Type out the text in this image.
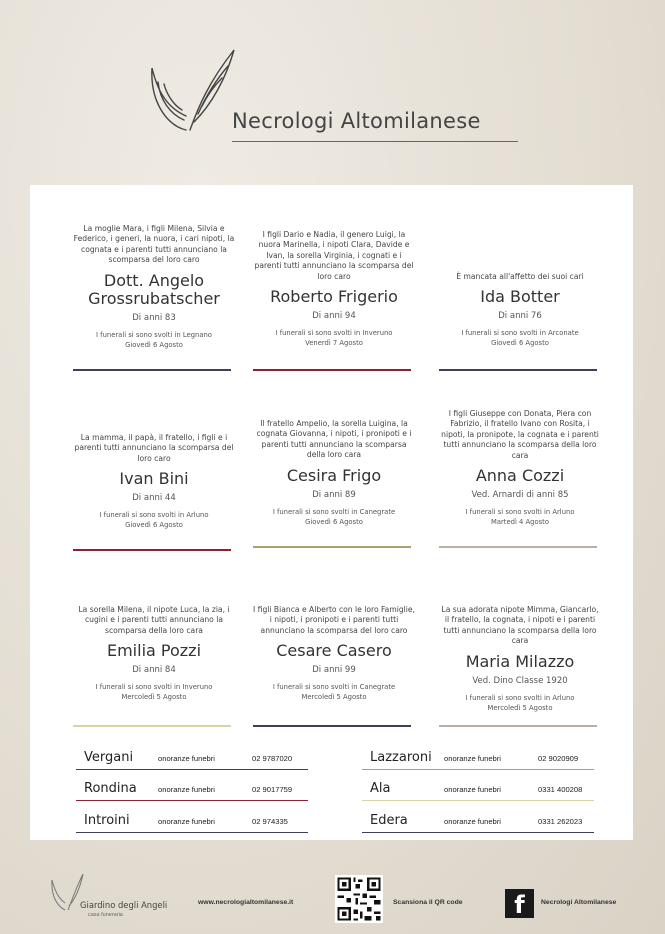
Necrologi Altomilanese
La moglie Mara, i figli Milena, Silvia e Federico, i generi, la nuora, i cari nipoti, la cognata e i parenti tutti annunciano la scomparsa del loro caro
Dott. Angelo Grossrubatscher
Di anni 83
I funerali si sono svolti in Legnano
Giovedì 6 Agosto
I figli Dario e Nadia, il genero Luigi, la nuora Marinella, i nipoti Clara, Davide e Ivan, la sorella Virginia, i cognati e i parenti tutti annunciano la scomparsa del loro caro
Roberto Frigerio
Di anni 94
I funerali si sono svolti in Inveruno
Venerdì 7 Agosto
È mancata all'affetto dei suoi cari
Ida Botter
Di anni 76
I funerali si sono svolti in Arconate
Giovedì 6 Agosto
La mamma, il papà, il fratello, i figli e i parenti tutti annunciano la scomparsa del loro caro
Ivan Bini
Di anni 44
I funerali si sono svolti in Arluno
Giovedì 6 Agosto
Il fratello Ampelio, la sorella Luigina, la cognata Giovanna, i nipoti, i pronipoti e i parenti tutti annunciano la scomparsa della loro cara
Cesira Frigo
Di anni 89
I funerali si sono svolti in Canegrate
Giovedì 6 Agosto
I figli Giuseppe con Donata, Piera con Fabrizio, il fratello Ivano con Rosita, i nipoti, la pronipote, la cognata e i parenti tutti annunciano la scomparsa della loro cara
Anna Cozzi
Ved. Arnardi di anni 85
I funerali si sono svolti in Arluno
Martedì 4 Agosto
La sorella Milena, il nipote Luca, la zia, i cugini e i parenti tutti annunciano la scomparsa della loro cara
Emilia Pozzi
Di anni 84
I funerali si sono svolti in Inveruno
Mercoledì 5 Agosto
I figli Bianca e Alberto con le loro Famiglie, i nipoti, i pronipoti e i parenti tutti annunciano la scomparsa del loro caro
Cesare Casero
Di anni 99
I funerali si sono svolti in Canegrate
Mercoledì 5 Agosto
La sua adorata nipote Mimma, Giancarlo, il fratello, la cognata, i nipoti e i parenti tutti annunciano la scomparsa della loro cara
Maria Milazzo
Ved. Dino Classe 1920
I funerali si sono svolti in Arluno
Mercoledì 5 Agosto
Vergani	onoranze funebri	02 9787020
Rondina	onoranze funebri	02 9017759
Introini	onoranze funebri	02 974335
Lazzaroni onoranze funebri	02 9020909
Ala	onoranze funebri	0331 400208
Edera	onoranze funebri	0331 262023
Giardino degli Angeli
casa funeraria
www.necrologialtomilanese.it	Scansiona il QR code	Necrologi Altomilanese
f
